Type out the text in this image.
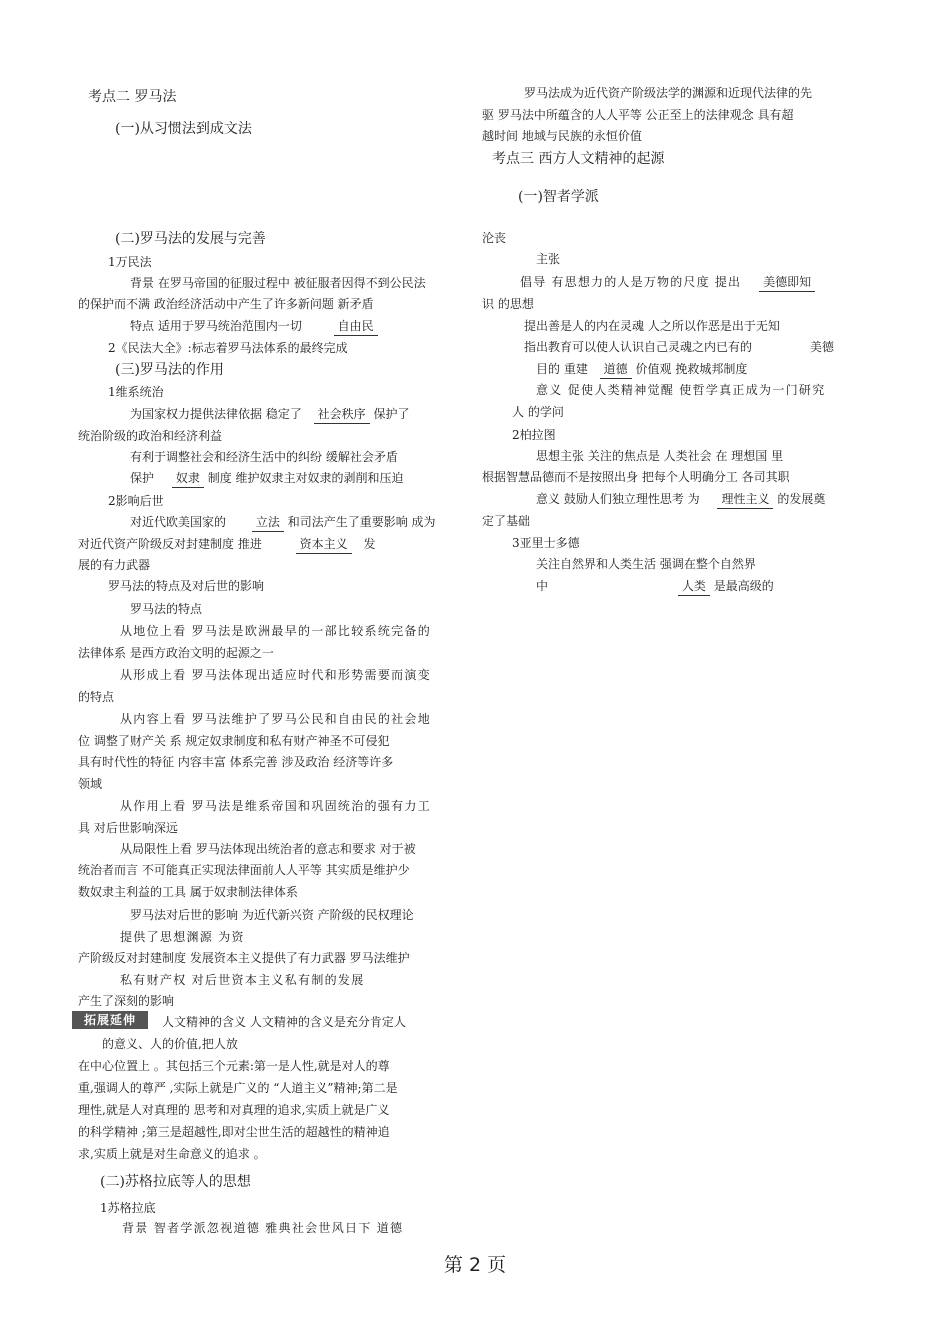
考点二 罗马法
(一)从习惯法到成文法
(二)罗马法的发展与完善
1万民法
背景 在罗马帝国的征服过程中 被征服者因得不到公民法
的保护而不满 政治经济活动中产生了许多新问题 新矛盾
特点 适用于罗马统治范围内一切	自由民
2《民法大全》:标志着罗马法体系的最终完成
(三)罗马法的作用
1维系统治
为国家权力提供法律依据 稳定了 社会秩序 保护了
统治阶级的政治和经济利益
有利于调整社会和经济生活中的纠纷 缓解社会矛盾
保护 奴隶 制度 维护奴隶主对奴隶的剥削和压迫
2影响后世
对近代欧美国家的 立法 和司法产生了重要影响 成为
对近代资产阶级反对封建制度 推进	资本主义 发
展的有力武器
罗马法的特点及对后世的影响
罗马法的特点
从地位上看 罗马法是欧洲最早的一部比较系统完备的
法律体系 是西方政治文明的起源之一
从形成上看 罗马法体现出适应时代和形势需要而演变
的特点
从内容上看 罗马法维护了罗马公民和自由民的社会地
位 调整了财产关 系 规定奴隶制度和私有财产神圣不可侵犯
具有时代性的特征 内容丰富 体系完善 涉及政治 经济等许多
领域
从作用上看 罗马法是维系帝国和巩固统治的强有力工
具 对后世影响深远
从局限性上看 罗马法体现出统治者的意志和要求 对于被
统治者而言 不可能真正实现法律面前人人平等 其实质是维护少
数奴隶主利益的工具 属于奴隶制法律体系
罗马法对后世的影响 为近代新兴资 产阶级的民权理论
提供了思想渊源 为资
产阶级反对封建制度 发展资本主义提供了有力武器 罗马法维护
私有财产权 对后世资本主义私有制的发展
产生了深刻的影响
拓展延伸	人文精神的含义 人文精神的含义是充分肯定人
的意义、人的价值,把人放
在中心位置上 。其包括三个元素:第一是人性,就是对人的尊
重,强调人的尊严 ,实际上就是广义的 “人道主义”精神;第二是
理性,就是人对真理的 思考和对真理的追求,实质上就是广义
的科学精神 ;第三是超越性,即对尘世生活的超越性的精神追
求,实质上就是对生命意义的追求 。
(二)苏格拉底等人的思想
1苏格拉底
背景 智者学派忽视道德 雅典社会世风日下 道德
罗马法成为近代资产阶级法学的渊源和近现代法律的先
驱 罗马法中所蕴含的人人平等 公正至上的法律观念 具有超
越时间 地域与民族的永恒价值
考点三 西方人文精神的起源
(一)智者学派
沦丧
主张
倡导 有思想力的人是万物的尺度 提出 美德即知
识 的思想
提出善是人的内在灵魂 人之所以作恶是出于无知
指出教育可以使人认识自己灵魂之内已有的	美德
目的 重建 道德 价值观 挽救城邦制度
意义 促使人类精神觉醒 使哲学真正成为一门研究
人 的学问
2柏拉图
思想主张 关注的焦点是 人类社会 在 理想国 里
根据智慧品德而不是按照出身 把每个人明确分工 各司其职
意义 鼓励人们独立理性思考 为 理性主义 的发展奠
定了基础
3亚里士多德
关注自然界和人类生活 强调在整个自然界
中	人类 是最高级的
第 2 页
